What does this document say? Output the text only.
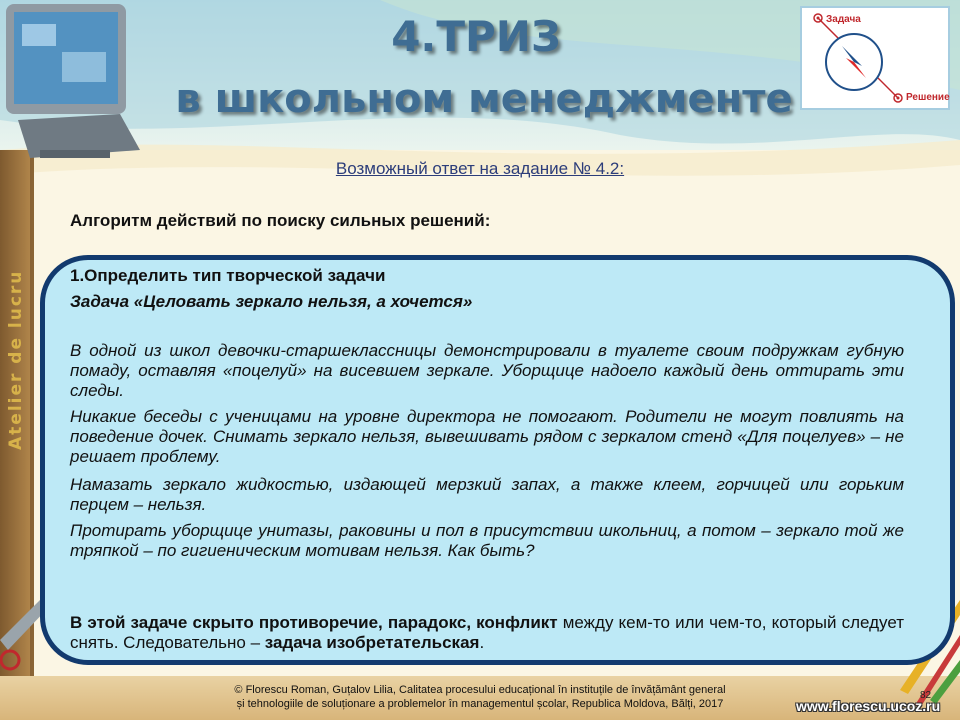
4.ТРИЗ
в школьном менеджменте
Задача
Решение
Atelier de lucru
Возможный ответ на задание № 4.2:
Алгоритм действий по поиску сильных решений:
1.Определить тип творческой задачи
Задача «Целовать зеркало нельзя, а хочется»
В одной из школ девочки-старшеклассницы демонстрировали в туалете своим подружкам губную помаду, оставляя «поцелуй» на висевшем зеркале. Уборщице надоело каждый день оттирать эти следы.
Никакие беседы с ученицами на уровне директора не помогают. Родители не могут повлиять на поведение дочек. Снимать зеркало нельзя, вывешивать рядом с зеркалом стенд «Для поцелуев» – не решает проблему.
Намазать зеркало жидкостью, издающей мерзкий запах, а также клеем, горчицей или горьким перцем – нельзя.
Протирать уборщице унитазы, раковины и пол в присутствии школьниц, а потом – зеркало той же тряпкой – по гигиеническим мотивам нельзя. Как быть?
В этой задаче скрыто противоречие, парадокс, конфликт между кем-то или чем-то, который следует снять. Следовательно – задача изобретательская.
© Florescu Roman, Guțalov Lilia, Calitatea procesului educațional în instituțile de învățământ general
și tehnologiile de soluționare a problemelor în managementul școlar, Republica Moldova, Bălți, 2017
82
www.florescu.ucoz.ru
